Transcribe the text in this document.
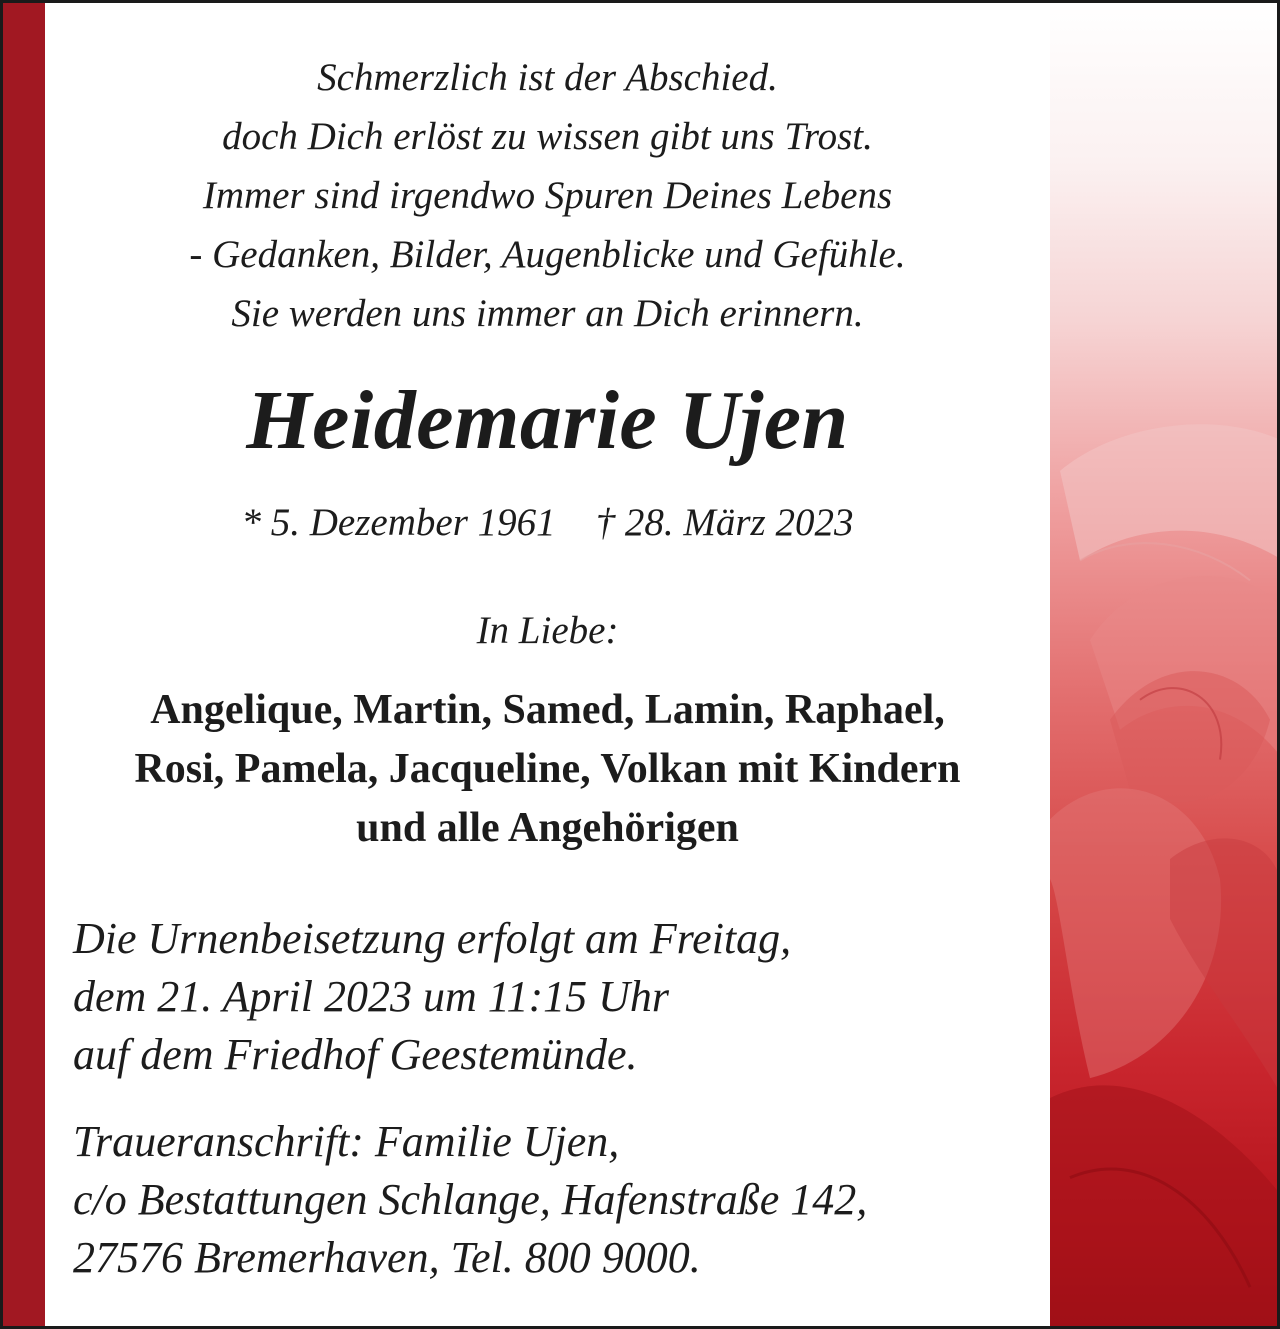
Schmerzlich ist der Abschied.
doch Dich erlöst zu wissen gibt uns Trost.
Immer sind irgendwo Spuren Deines Lebens
- Gedanken, Bilder, Augenblicke und Gefühle.
Sie werden uns immer an Dich erinnern.
Heidemarie Ujen
* 5. Dezember 1961 † 28. März 2023
In Liebe:
Angelique, Martin, Samed, Lamin, Raphael,
Rosi, Pamela, Jacqueline, Volkan mit Kindern
und alle Angehörigen
Die Urnenbeisetzung erfolgt am Freitag,
dem 21. April 2023 um 11:15 Uhr
auf dem Friedhof Geestemünde.
Traueranschrift: Familie Ujen,
c/o Bestattungen Schlange, Hafenstraße 142,
27576 Bremerhaven, Tel. 800 9000.
